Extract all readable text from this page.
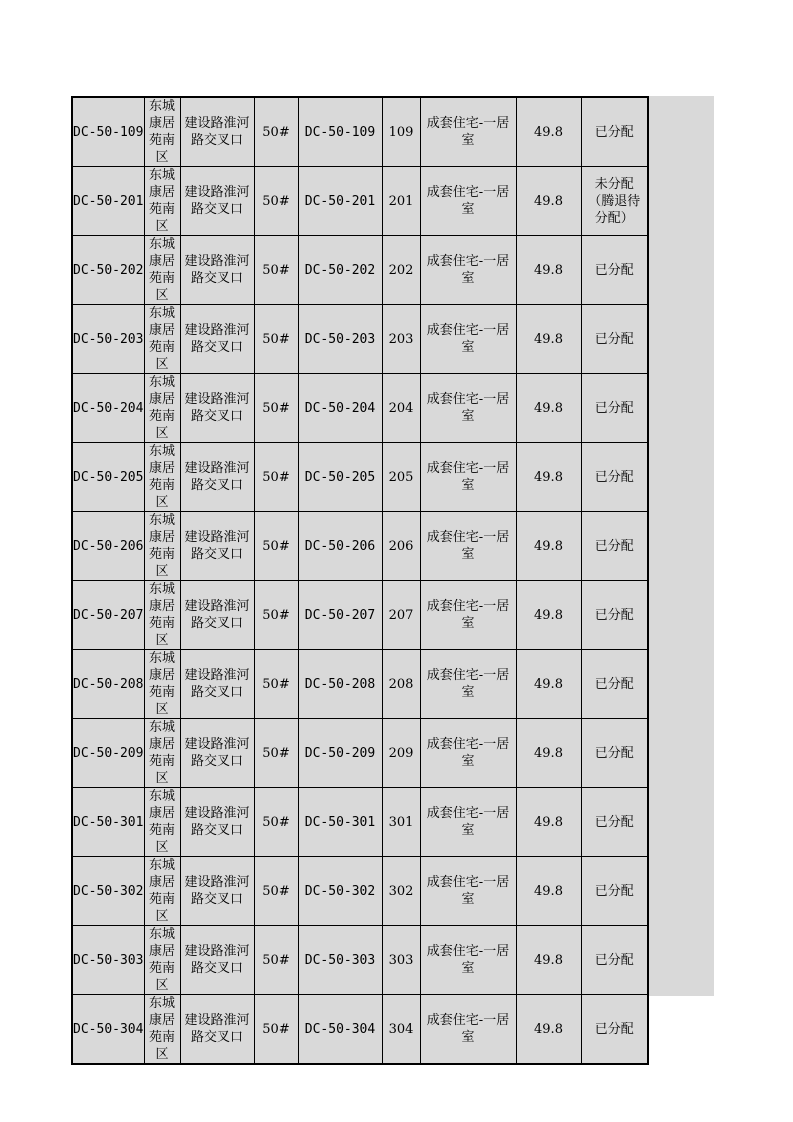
DC-50-109	东城康居苑南区	建设路淮河路交叉口	50#	DC-50-109	109	成套住宅-一居室	49.8	已分配

DC-50-201	东城康居苑南区	建设路淮河路交叉口	50#	DC-50-201	201	成套住宅-一居室	49.8	未分配（腾退待分配）

DC-50-202	东城康居苑南区	建设路淮河路交叉口	50#	DC-50-202	202	成套住宅-一居室	49.8	已分配

DC-50-203	东城康居苑南区	建设路淮河路交叉口	50#	DC-50-203	203	成套住宅-一居室	49.8	已分配

DC-50-204	东城康居苑南区	建设路淮河路交叉口	50#	DC-50-204	204	成套住宅-一居室	49.8	已分配

DC-50-205	东城康居苑南区	建设路淮河路交叉口	50#	DC-50-205	205	成套住宅-一居室	49.8	已分配

DC-50-206	东城康居苑南区	建设路淮河路交叉口	50#	DC-50-206	206	成套住宅-一居室	49.8	已分配

DC-50-207	东城康居苑南区	建设路淮河路交叉口	50#	DC-50-207	207	成套住宅-一居室	49.8	已分配

DC-50-208	东城康居苑南区	建设路淮河路交叉口	50#	DC-50-208	208	成套住宅-一居室	49.8	已分配

DC-50-209	东城康居苑南区	建设路淮河路交叉口	50#	DC-50-209	209	成套住宅-一居室	49.8	已分配

DC-50-301	东城康居苑南区	建设路淮河路交叉口	50#	DC-50-301	301	成套住宅-一居室	49.8	已分配

DC-50-302	东城康居苑南区	建设路淮河路交叉口	50#	DC-50-302	302	成套住宅-一居室	49.8	已分配

DC-50-303	东城康居苑南区	建设路淮河路交叉口	50#	DC-50-303	303	成套住宅-一居室	49.8	已分配

DC-50-304	东城康居苑南区	建设路淮河路交叉口	50#	DC-50-304	304	成套住宅-一居室	49.8	已分配
